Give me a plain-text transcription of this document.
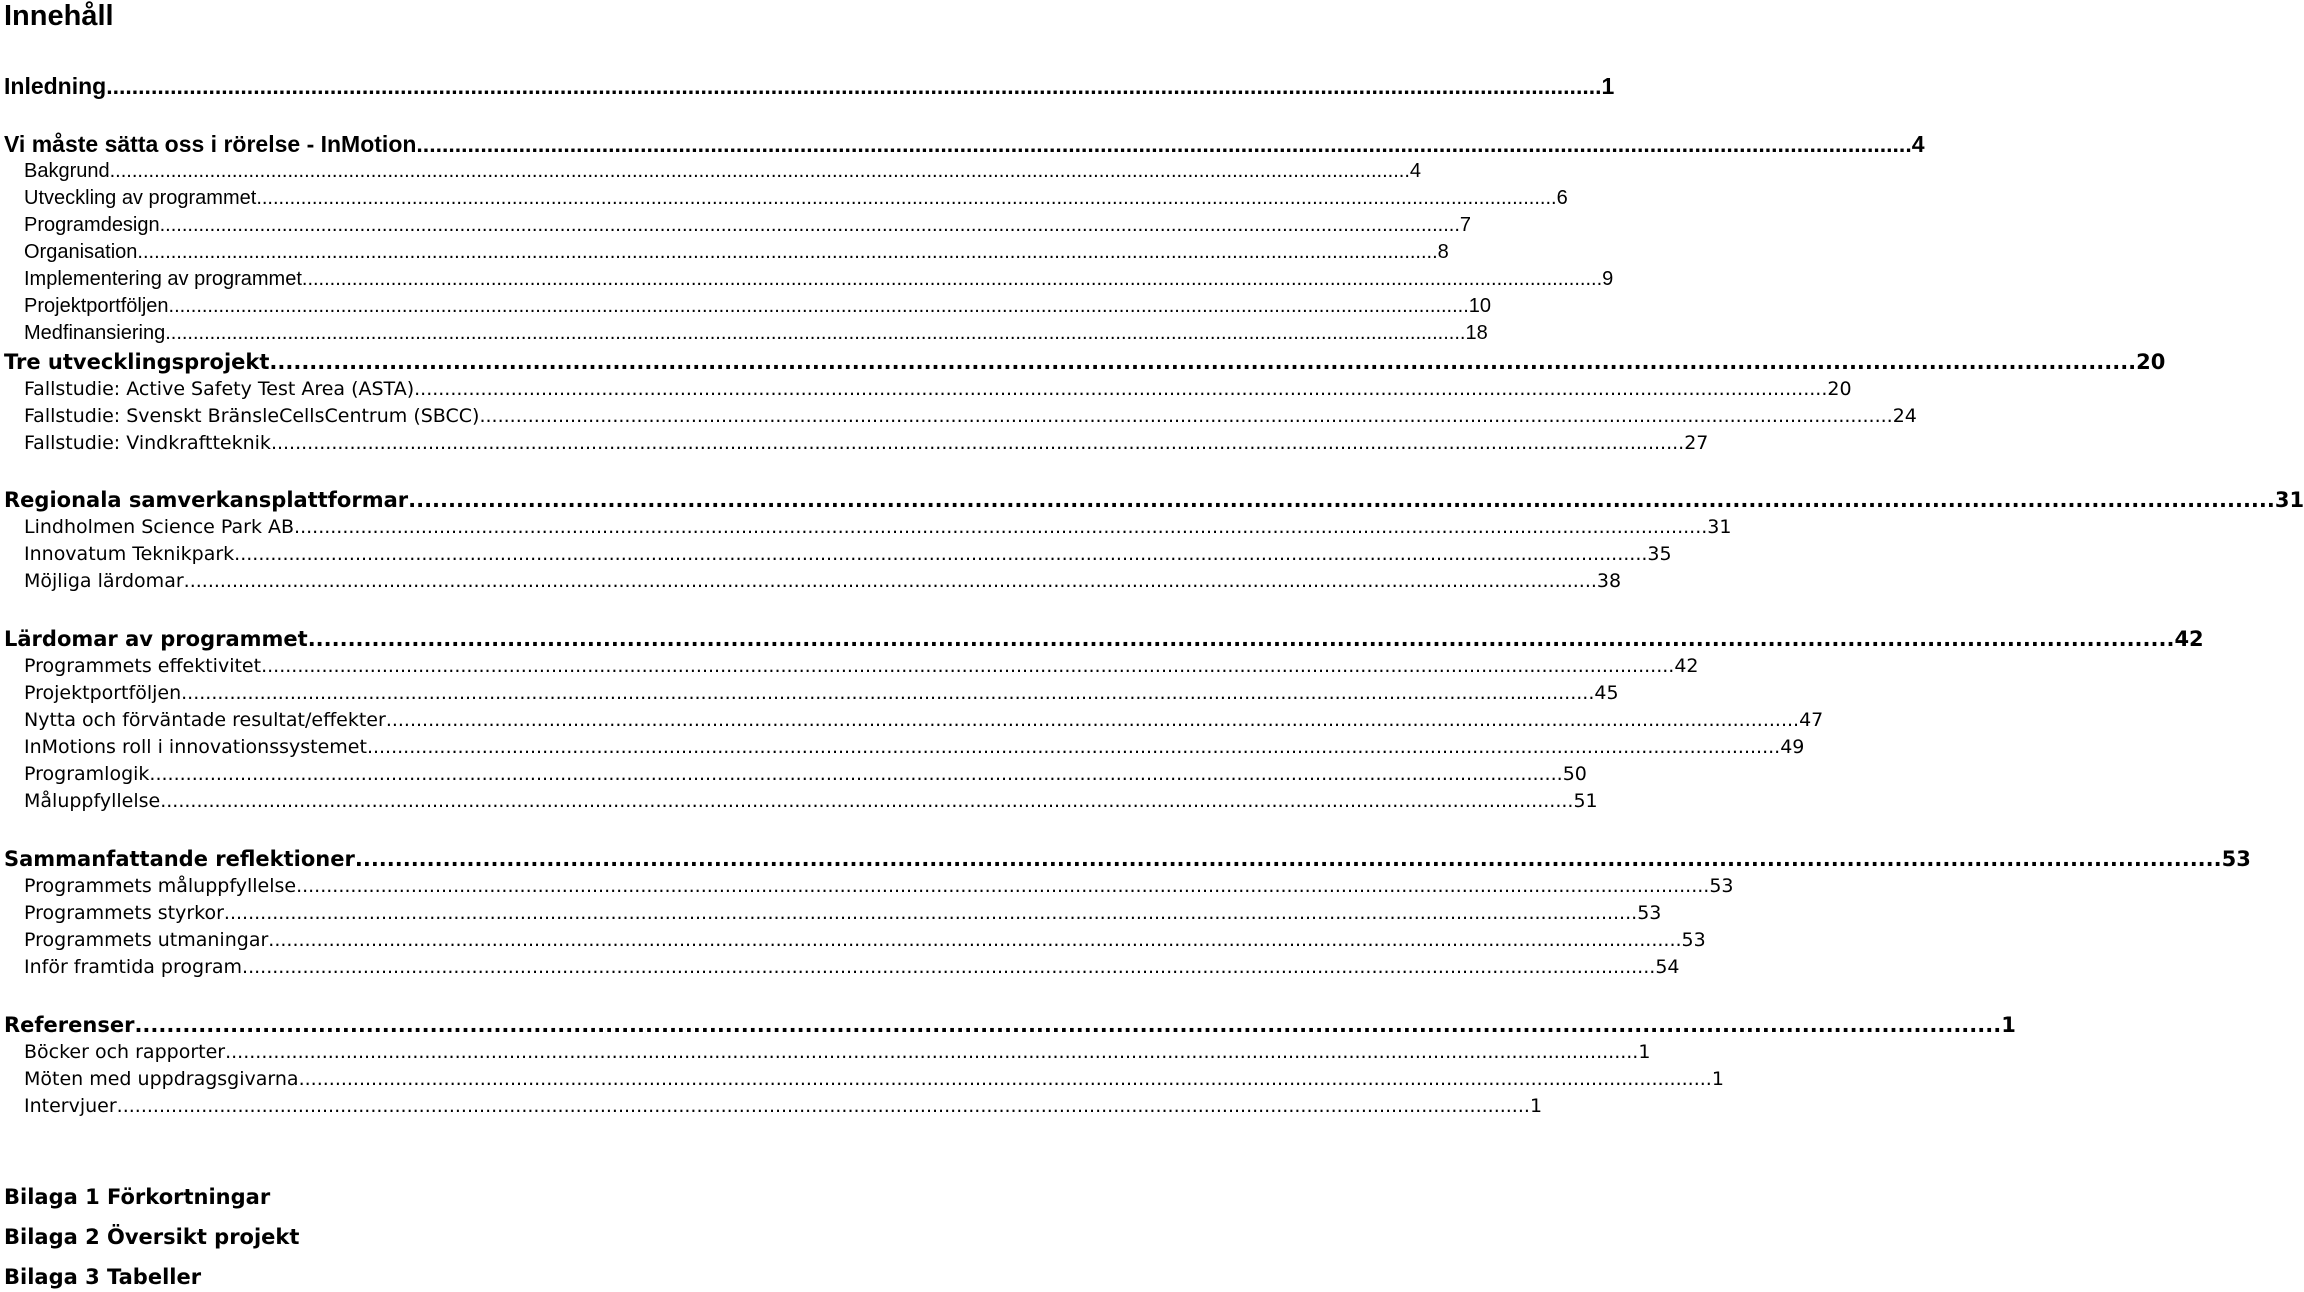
Innehåll
Inledning .......................................................................................................................................................................................................................................... 1
Vi måste sätta oss i rörelse - InMotion .......................................................................................................................................................................................................................................... 4
Bakgrund .......................................................................................................................................................................................................................................... 4
Utveckling av programmet .......................................................................................................................................................................................................................................... 6
Programdesign .......................................................................................................................................................................................................................................... 7
Organisation .......................................................................................................................................................................................................................................... 8
Implementering av programmet .......................................................................................................................................................................................................................................... 9
Projektportföljen .......................................................................................................................................................................................................................................... 10
Medfinansiering .......................................................................................................................................................................................................................................... 18
Tre utvecklingsprojekt .......................................................................................................................................................................................................................................... 20
Fallstudie: Active Safety Test Area (ASTA) .......................................................................................................................................................................................................................................... 20
Fallstudie: Svenskt BränsleCellsCentrum (SBCC) .......................................................................................................................................................................................................................................... 24
Fallstudie: Vindkraftteknik .......................................................................................................................................................................................................................................... 27
Regionala samverkansplattformar .......................................................................................................................................................................................................................................... 31
Lindholmen Science Park AB .......................................................................................................................................................................................................................................... 31
Innovatum Teknikpark .......................................................................................................................................................................................................................................... 35
Möjliga lärdomar .......................................................................................................................................................................................................................................... 38
Lärdomar av programmet .......................................................................................................................................................................................................................................... 42
Programmets effektivitet .......................................................................................................................................................................................................................................... 42
Projektportföljen .......................................................................................................................................................................................................................................... 45
Nytta och förväntade resultat/effekter .......................................................................................................................................................................................................................................... 47
InMotions roll i innovationssystemet .......................................................................................................................................................................................................................................... 49
Programlogik .......................................................................................................................................................................................................................................... 50
Måluppfyllelse .......................................................................................................................................................................................................................................... 51
Sammanfattande reflektioner .......................................................................................................................................................................................................................................... 53
Programmets måluppfyllelse .......................................................................................................................................................................................................................................... 53
Programmets styrkor .......................................................................................................................................................................................................................................... 53
Programmets utmaningar .......................................................................................................................................................................................................................................... 53
Inför framtida program .......................................................................................................................................................................................................................................... 54
Referenser .......................................................................................................................................................................................................................................... 1
Böcker och rapporter .......................................................................................................................................................................................................................................... 1
Möten med uppdragsgivarna .......................................................................................................................................................................................................................................... 1
Intervjuer .......................................................................................................................................................................................................................................... 1
Bilaga 1 Förkortningar
Bilaga 2 Översikt projekt
Bilaga 3 Tabeller
